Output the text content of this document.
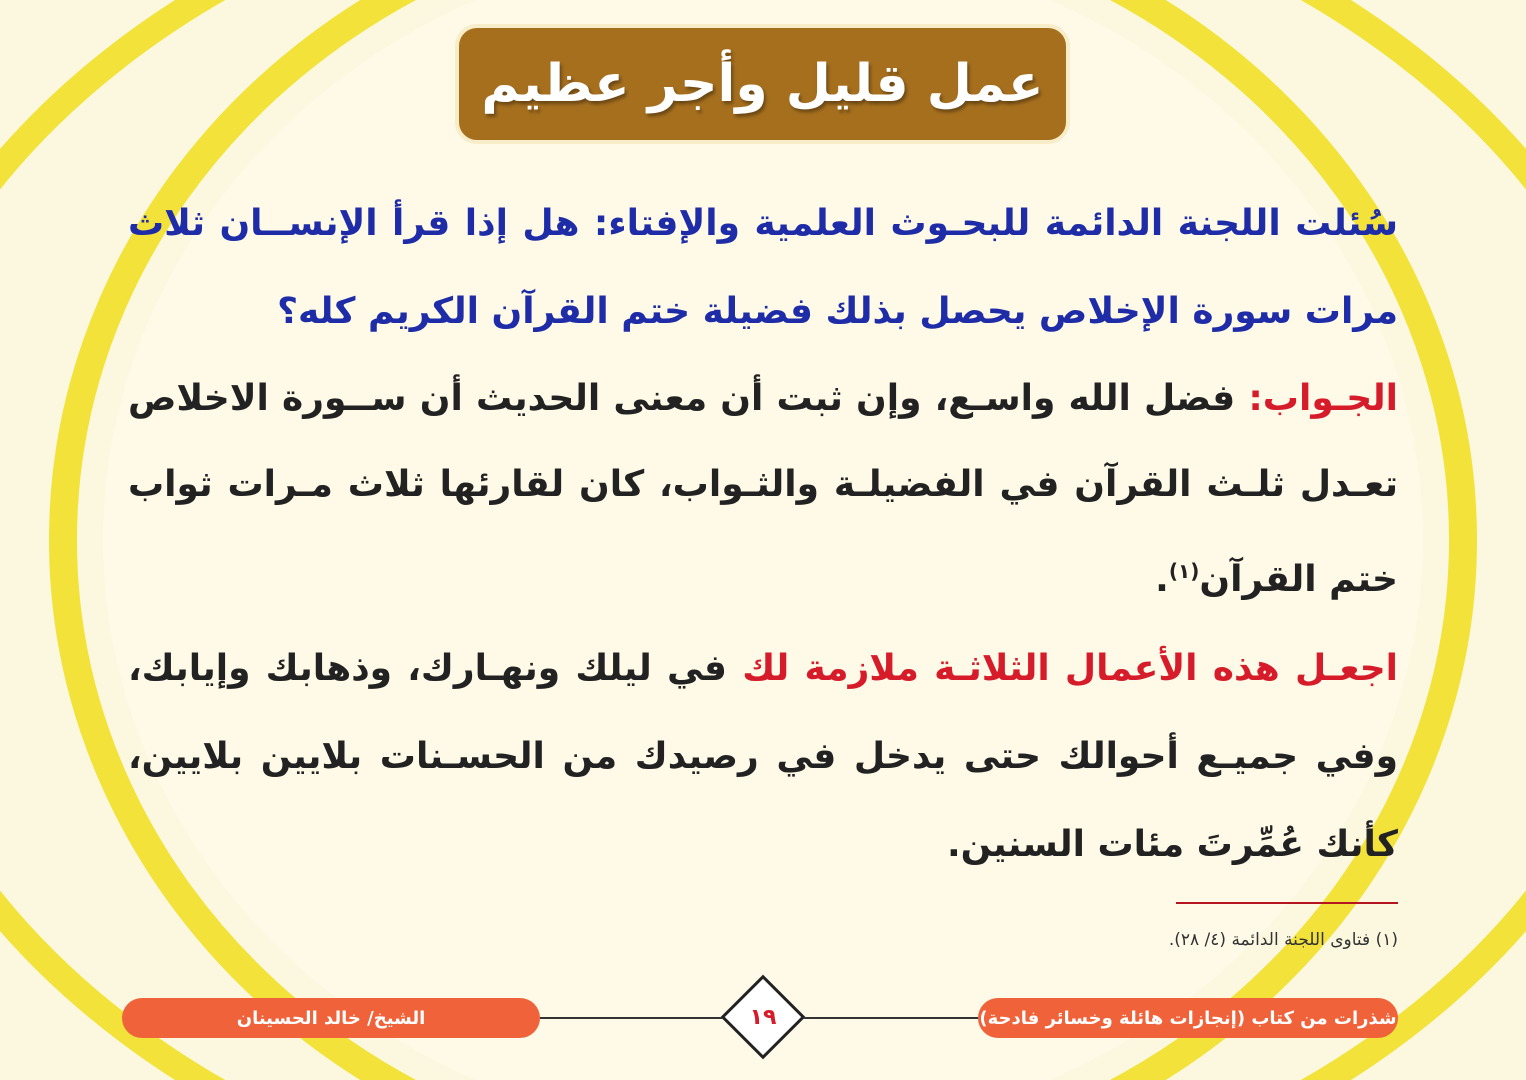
عمل قليل وأجر عظيم
سُئلت اللجنة الدائمة للبحـوث العلمية والإفتاء: هل إذا قرأ الإنســان ثلاث مرات سورة الإخلاص يحصل بذلك فضيلة ختم القرآن الكريم كله؟
الجـواب: فضل الله واسـع، وإن ثبت أن معنى الحديث أن ســورة الاخلاص تعـدل ثلـث القرآن في الفضيلـة والثـواب، كان لقارئها ثلاث مـرات ثواب ختم القرآن$^{(١)}$.
اجعـل هذه الأعمال الثلاثـة ملازمة لك في ليلك ونهـارك، وذهابك وإيابك، وفي جميـع أحوالك حتى يدخل في رصيدك من الحسـنات بلايين بلايين، كأنك عُمِّرتَ مئات السنين.
(١) فتاوى اللجنة الدائمة (٤/ ٢٨).
الشيخ/ خالد الحسينان	شذرات من كتاب (إنجازات هائلة وخسائر فادحة)
١٩
